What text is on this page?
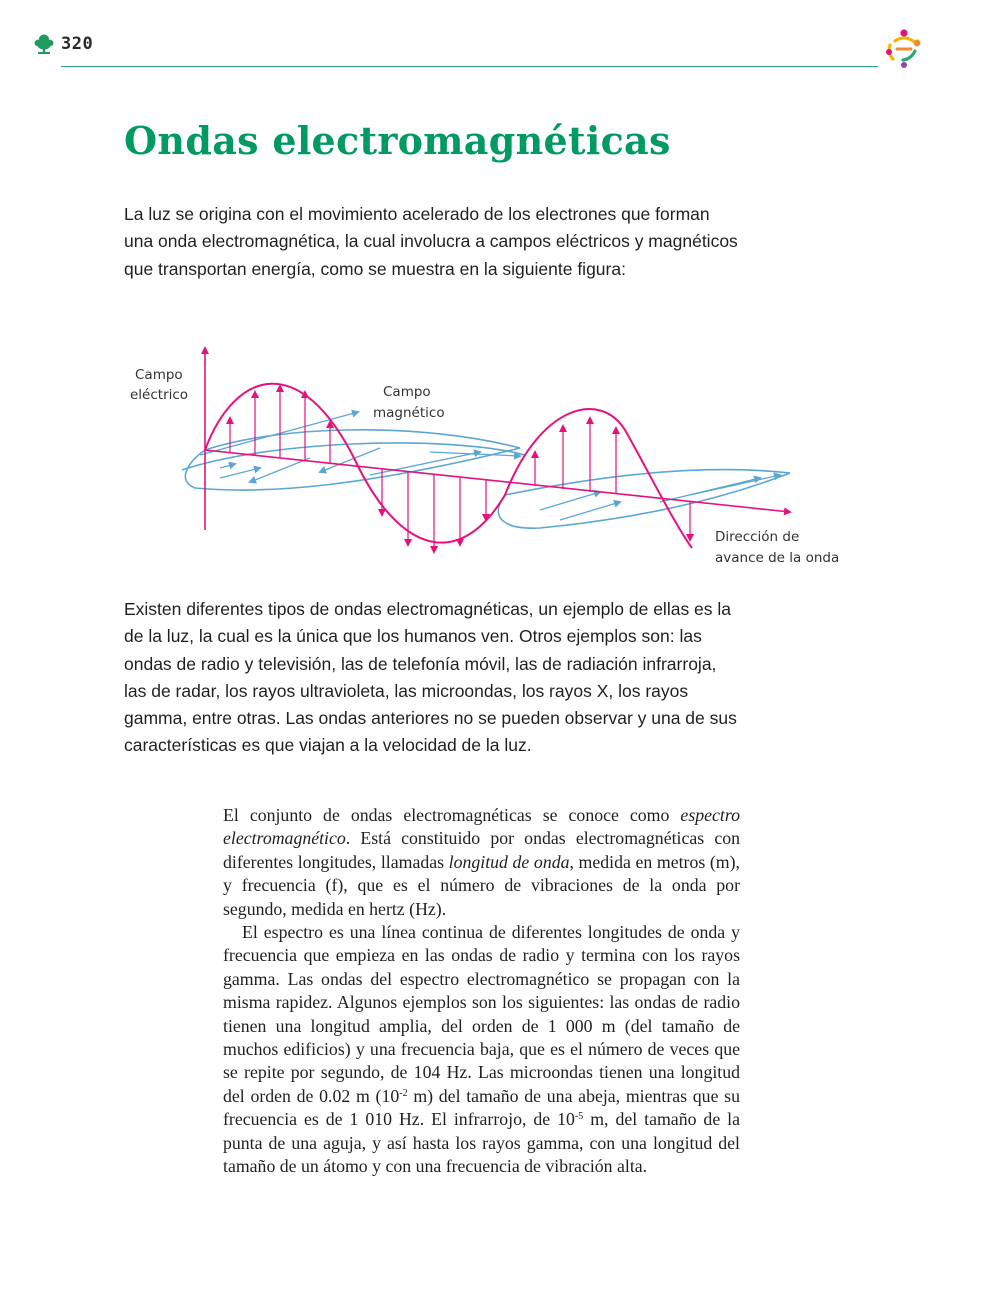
320
Ondas electromagnéticas

La luz se origina con el movimiento acelerado de los electrones que forman una onda electromagnética, la cual involucra a campos eléctricos y magnéticos que transportan energía, como se muestra en la siguiente figura:

Campo
eléctrico	Campo
magnético
Dirección de
avance de la onda

Existen diferentes tipos de ondas electromagnéticas, un ejemplo de ellas es la de la luz, la cual es la única que los humanos ven. Otros ejemplos son: las ondas de radio y televisión, las de telefonía móvil, las de radiación infrarroja, las de radar, los rayos ultravioleta, las microondas, los rayos X, los rayos gamma, entre otras. Las ondas anteriores no se pueden observar y una de sus características es que viajan a la velocidad de la luz.

El conjunto de ondas electromagnéticas se conoce como espectro electromagnético. Está constituido por ondas electromagnéticas con diferentes longitudes, llamadas longitud de onda, medida en metros (m), y frecuencia (f), que es el número de vibraciones de la onda por segundo, medida en hertz (Hz).

El espectro es una línea continua de diferentes longitudes de onda y frecuencia que empieza en las ondas de radio y termina con los rayos gamma. Las ondas del espectro electromagnético se propagan con la misma rapidez. Algunos ejemplos son los siguientes: las ondas de radio tienen una longitud amplia, del orden de 1 000 m (del tamaño de muchos edificios) y una frecuencia baja, que es el número de veces que se repite por segundo, de 104 Hz. Las microondas tienen una longitud del orden de 0.02 m ($10^{-2}$ m) del tamaño de una abeja, mientras que su frecuencia es de 1 010 Hz. El infrarrojo, de $10^{-5}$ m, del tamaño de la punta de una aguja, y así hasta los rayos gamma, con una longitud del tamaño de un átomo y con una frecuencia de vibración alta.
